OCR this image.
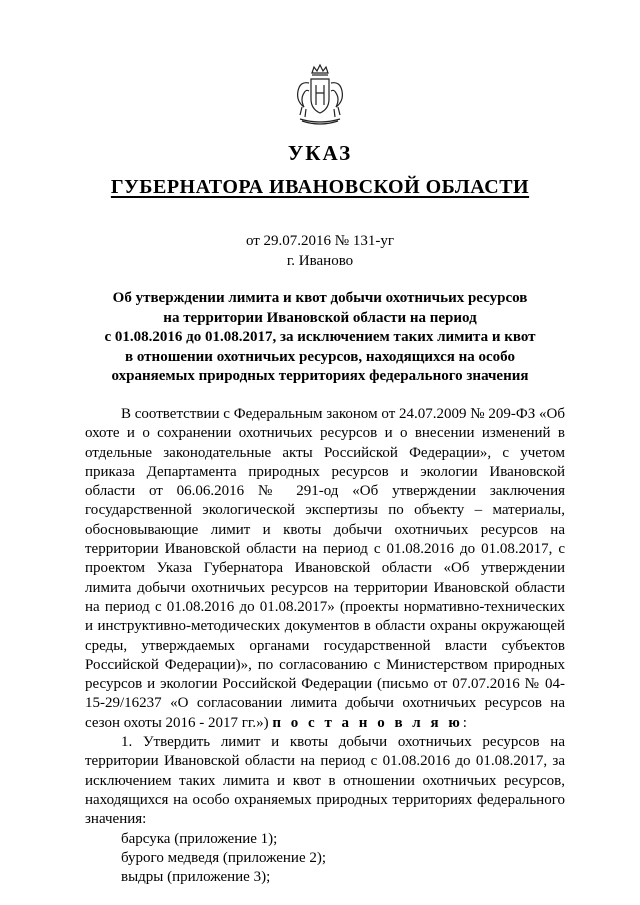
УКАЗ
ГУБЕРНАТОРА ИВАНОВСКОЙ ОБЛАСТИ
от 29.07.2016 № 131-уг
г. Иваново
Об утверждении лимита и квот добычи охотничьих ресурсов
на территории Ивановской области на период
с 01.08.2016 до 01.08.2017, за исключением таких лимита и квот
в отношении охотничьих ресурсов, находящихся на особо
охраняемых природных территориях федерального значения

В соответствии с Федеральным законом от 24.07.2009 № 209-ФЗ «Об охоте и о сохранении охотничьих ресурсов и о внесении изменений в отдельные законодательные акты Российской Федерации», с учетом приказа Департамента природных ресурсов и экологии Ивановской области от 06.06.2016 № 291-од «Об утверждении заключения государственной экологической экспертизы по объекту – материалы, обосновывающие лимит и квоты добычи охотничьих ресурсов на территории Ивановской области на период с 01.08.2016 до 01.08.2017, с проектом Указа Губернатора Ивановской области «Об утверждении лимита добычи охотничьих ресурсов на территории Ивановской области на период с 01.08.2016 до 01.08.2017» (проекты нормативно-технических и инструктивно-методических документов в области охраны окружающей среды, утверждаемых органами государственной власти субъектов Российской Федерации)», по согласованию с Министерством природных ресурсов и экологии Российской Федерации (письмо от 07.07.2016 № 04-15-29/16237 «О согласовании лимита добычи охотничьих ресурсов на сезон охоты 2016 - 2017 гг.») п о с т а н о в л я ю:

1. Утвердить лимит и квоты добычи охотничьих ресурсов на территории Ивановской области на период с 01.08.2016 до 01.08.2017, за исключением таких лимита и квот в отношении охотничьих ресурсов, находящихся на особо охраняемых природных территориях федерального значения:

барсука (приложение 1);

бурого медведя (приложение 2);

выдры (приложение 3);
